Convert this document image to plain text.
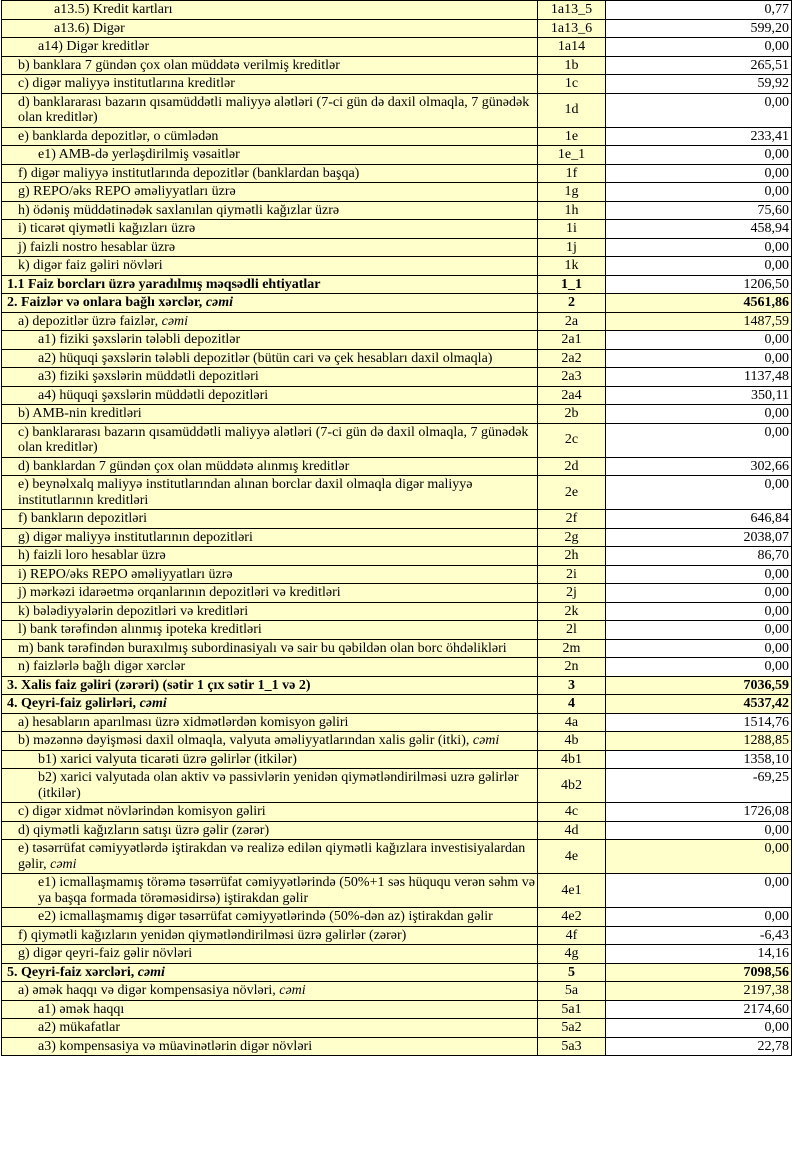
a13.5) Kredit kartları	1a13_5	0,77
a13.6) Digər	1a13_6	599,20
a14) Digər kreditlər	1a14	0,00
b) banklara 7 gündən çox olan müddətə verilmiş kreditlər	1b	265,51
c) digər maliyyə institutlarına kreditlər	1c	59,92
d) banklararası bazarın qısamüddətli maliyyə alətləri (7-ci gün də daxil olmaqla, 7 günədək olan kreditlər)	1d	0,00
e) banklarda depozitlər, o cümlədən	1e	233,41
e1) AMB-də yerləşdirilmiş vəsaitlər	1e_1	0,00
f) digər maliyyə institutlarında depozitlər (banklardan başqa)	1f	0,00
g) REPO/əks REPO əməliyyatları üzrə	1g	0,00
h) ödəniş müddətinədək saxlanılan qiymətli kağızlar üzrə	1h	75,60
i) ticarət qiymətli kağızları üzrə	1i	458,94
j) faizli nostro hesablar üzrə	1j	0,00
k) digər faiz gəliri növləri	1k	0,00
1.1 Faiz borcları üzrə yaradılmış məqsədli ehtiyatlar	1_1	1206,50
2. Faizlər və onlara bağlı xərclər, cəmi	2	4561,86
a) depozitlər üzrə faizlər, cəmi	2a	1487,59
a1) fiziki şəxslərin tələbli depozitlər	2a1	0,00
a2) hüquqi şəxslərin tələbli depozitlər (bütün cari və çek hesabları daxil olmaqla)	2a2	0,00
a3) fiziki şəxslərin müddətli depozitləri	2a3	1137,48
a4) hüquqi şəxslərin müddətli depozitləri	2a4	350,11
b) AMB-nin kreditləri	2b	0,00
c) banklararası bazarın qısamüddətli maliyyə alətləri (7-ci gün də daxil olmaqla, 7 günədək olan kreditlər)	2c	0,00
d) banklardan 7 gündən çox olan müddətə alınmış kreditlər	2d	302,66
e) beynəlxalq maliyyə institutlarından alınan borclar daxil olmaqla digər maliyyə institutlarının kreditləri	2e	0,00
f) bankların depozitləri	2f	646,84
g) digər maliyyə institutlarının depozitləri	2g	2038,07
h) faizli loro hesablar üzrə	2h	86,70
i) REPO/əks REPO əməliyyatları üzrə	2i	0,00
j) mərkəzi idarəetmə orqanlarının depozitləri və kreditləri	2j	0,00
k) bələdiyyələrin depozitləri və kreditləri	2k	0,00
l) bank tərəfindən alınmış ipoteka kreditləri	2l	0,00
m) bank tərəfindən buraxılmış subordinasiyalı və sair bu qəbildən olan borc öhdəlikləri	2m	0,00
n) faizlərlə bağlı digər xərclər	2n	0,00
3. Xalis faiz gəliri (zərəri) (sətir 1 çıx sətir 1_1 və 2)	3	7036,59
4. Qeyri-faiz gəlirləri, cəmi	4	4537,42
a) hesabların aparılması üzrə xidmətlərdən komisyon gəliri	4a	1514,76
b) məzənnə dəyişməsi daxil olmaqla, valyuta əməliyyatlarından xalis gəlir (itki), cəmi	4b	1288,85
b1) xarici valyuta ticarəti üzrə gəlirlər (itkilər)	4b1	1358,10
b2) xarici valyutada olan aktiv və passivlərin yenidən qiymətləndirilməsi uzrə gəlirlər (itkilər)	4b2	-69,25
c) digər xidmət növlərindən komisyon gəliri	4c	1726,08
d) qiymətli kağızların satışı üzrə gəlir (zərər)	4d	0,00
e) təsərrüfat cəmiyyətlərdə iştirakdan və realizə edilən qiymətli kağızlara investisiyalardan gəlir, cəmi	4e	0,00
e1) icmallaşmamış törəmə təsərrüfat cəmiyyətlərində (50%+1 səs hüququ verən səhm və ya başqa formada törəməsidirsə) iştirakdan gəlir	4e1	0,00
e2) icmallaşmamış digər təsərrüfat cəmiyyətlərində (50%-dən az) iştirakdan gəlir	4e2	0,00
f) qiymətli kağızların yenidən qiymətləndirilməsi üzrə gəlirlər (zərər)	4f	-6,43
g) digər qeyri-faiz gəlir növləri	4g	14,16
5. Qeyri-faiz xərcləri, cəmi	5	7098,56
a) əmək haqqı və digər kompensasiya növləri, cəmi	5a	2197,38
a1) əmək haqqı	5a1	2174,60
a2) mükafatlar	5a2	0,00
a3) kompensasiya və müavinətlərin digər növləri	5a3	22,78
